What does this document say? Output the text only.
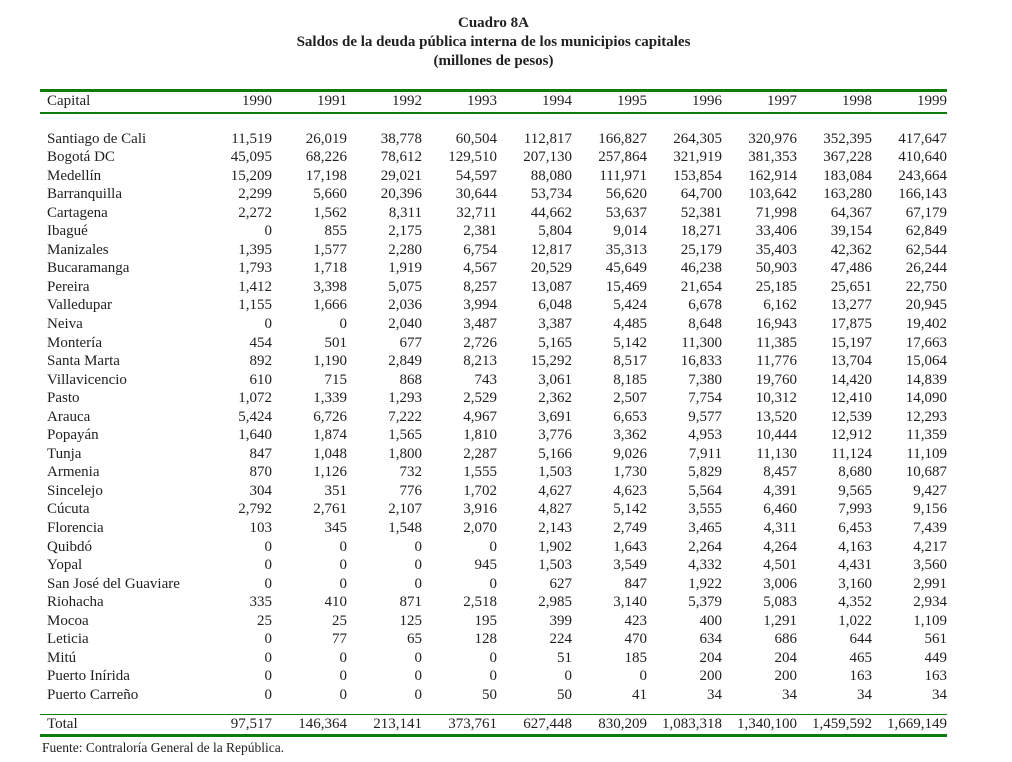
Cuadro 8A
Saldos de la deuda pública interna de los municipios capitales
(millones de pesos)
Capital	1990	1991	1992	1993	1994	1995	1996	1997	1998	1999

Santiago de Cali	11,519	26,019	38,778	60,504	112,817	166,827	264,305	320,976	352,395	417,647
Bogotá DC	45,095	68,226	78,612	129,510	207,130	257,864	321,919	381,353	367,228	410,640
Medellín	15,209	17,198	29,021	54,597	88,080	111,971	153,854	162,914	183,084	243,664
Barranquilla	2,299	5,660	20,396	30,644	53,734	56,620	64,700	103,642	163,280	166,143
Cartagena	2,272	1,562	8,311	32,711	44,662	53,637	52,381	71,998	64,367	67,179
Ibagué	0	855	2,175	2,381	5,804	9,014	18,271	33,406	39,154	62,849
Manizales	1,395	1,577	2,280	6,754	12,817	35,313	25,179	35,403	42,362	62,544
Bucaramanga	1,793	1,718	1,919	4,567	20,529	45,649	46,238	50,903	47,486	26,244
Pereira	1,412	3,398	5,075	8,257	13,087	15,469	21,654	25,185	25,651	22,750
Valledupar	1,155	1,666	2,036	3,994	6,048	5,424	6,678	6,162	13,277	20,945
Neiva	0	0	2,040	3,487	3,387	4,485	8,648	16,943	17,875	19,402
Montería	454	501	677	2,726	5,165	5,142	11,300	11,385	15,197	17,663
Santa Marta	892	1,190	2,849	8,213	15,292	8,517	16,833	11,776	13,704	15,064
Villavicencio	610	715	868	743	3,061	8,185	7,380	19,760	14,420	14,839
Pasto	1,072	1,339	1,293	2,529	2,362	2,507	7,754	10,312	12,410	14,090
Arauca	5,424	6,726	7,222	4,967	3,691	6,653	9,577	13,520	12,539	12,293
Popayán	1,640	1,874	1,565	1,810	3,776	3,362	4,953	10,444	12,912	11,359
Tunja	847	1,048	1,800	2,287	5,166	9,026	7,911	11,130	11,124	11,109
Armenia	870	1,126	732	1,555	1,503	1,730	5,829	8,457	8,680	10,687
Sincelejo	304	351	776	1,702	4,627	4,623	5,564	4,391	9,565	9,427
Cúcuta	2,792	2,761	2,107	3,916	4,827	5,142	3,555	6,460	7,993	9,156
Florencia	103	345	1,548	2,070	2,143	2,749	3,465	4,311	6,453	7,439
Quibdó	0	0	0	0	1,902	1,643	2,264	4,264	4,163	4,217
Yopal	0	0	0	945	1,503	3,549	4,332	4,501	4,431	3,560
San José del Guaviare	0	0	0	0	627	847	1,922	3,006	3,160	2,991
Riohacha	335	410	871	2,518	2,985	3,140	5,379	5,083	4,352	2,934
Mocoa	25	25	125	195	399	423	400	1,291	1,022	1,109
Leticia	0	77	65	128	224	470	634	686	644	561
Mitú	0	0	0	0	51	185	204	204	465	449
Puerto Inírida	0	0	0	0	0	0	200	200	163	163
Puerto Carreño	0	0	0	50	50	41	34	34	34	34

Total	97,517	146,364	213,141	373,761	627,448	830,209	1,083,318	1,340,100	1,459,592	1,669,149
Fuente: Contraloría General de la República.
